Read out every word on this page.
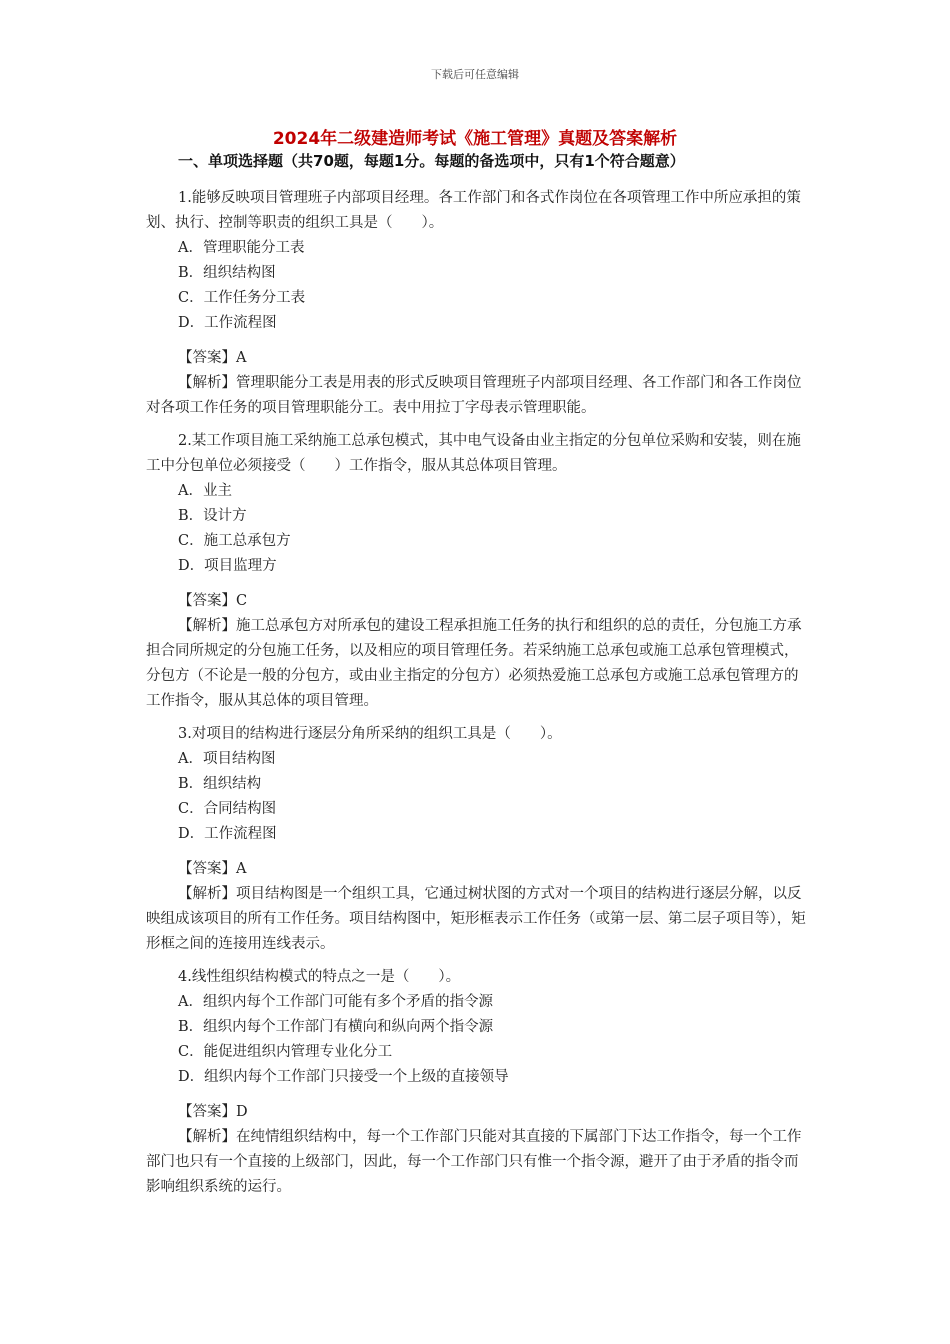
下载后可任意编辑
2024年二级建造师考试《施工管理》真题及答案解析
一、单项选择题（共70题，每题1分。每题的备选项中，只有1个符合题意）

1.能够反映项目管理班子内部项目经理。各工作部门和各式作岗位在各项管理工作中所应承担的策划、执行、控制等职责的组织工具是（　　）。

A．管理职能分工表

B．组织结构图

C．工作任务分工表

D．工作流程图

【答案】A

【解析】管理职能分工表是用表的形式反映项目管理班子内部项目经理、各工作部门和各工作岗位对各项工作任务的项目管理职能分工。表中用拉丁字母表示管理职能。

2.某工作项目施工采纳施工总承包模式，其中电气设备由业主指定的分包单位采购和安装，则在施工中分包单位必须接受（　　）工作指令，服从其总体项目管理。

A．业主

B．设计方

C．施工总承包方

D．项目监理方

【答案】C

【解析】施工总承包方对所承包的建设工程承担施工任务的执行和组织的总的责任，分包施工方承担合同所规定的分包施工任务，以及相应的项目管理任务。若采纳施工总承包或施工总承包管理模式，分包方（不论是一般的分包方，或由业主指定的分包方）必须热爱施工总承包方或施工总承包管理方的工作指令，服从其总体的项目管理。

3.对项目的结构进行逐层分角所采纳的组织工具是（　　）。

A．项目结构图

B．组织结构

C．合同结构图

D．工作流程图

【答案】A

【解析】项目结构图是一个组织工具，它通过树状图的方式对一个项目的结构进行逐层分解，以反映组成该项目的所有工作任务。项目结构图中，矩形框表示工作任务（或第一层、第二层子项目等），矩形框之间的连接用连线表示。

4.线性组织结构模式的特点之一是（　　）。

A．组织内每个工作部门可能有多个矛盾的指令源

B．组织内每个工作部门有横向和纵向两个指令源

C．能促进组织内管理专业化分工

D．组织内每个工作部门只接受一个上级的直接领导

【答案】D

【解析】在纯情组织结构中，每一个工作部门只能对其直接的下属部门下达工作指令，每一个工作部门也只有一个直接的上级部门，因此，每一个工作部门只有惟一个指令源，避开了由于矛盾的指令而影响组织系统的运行。
